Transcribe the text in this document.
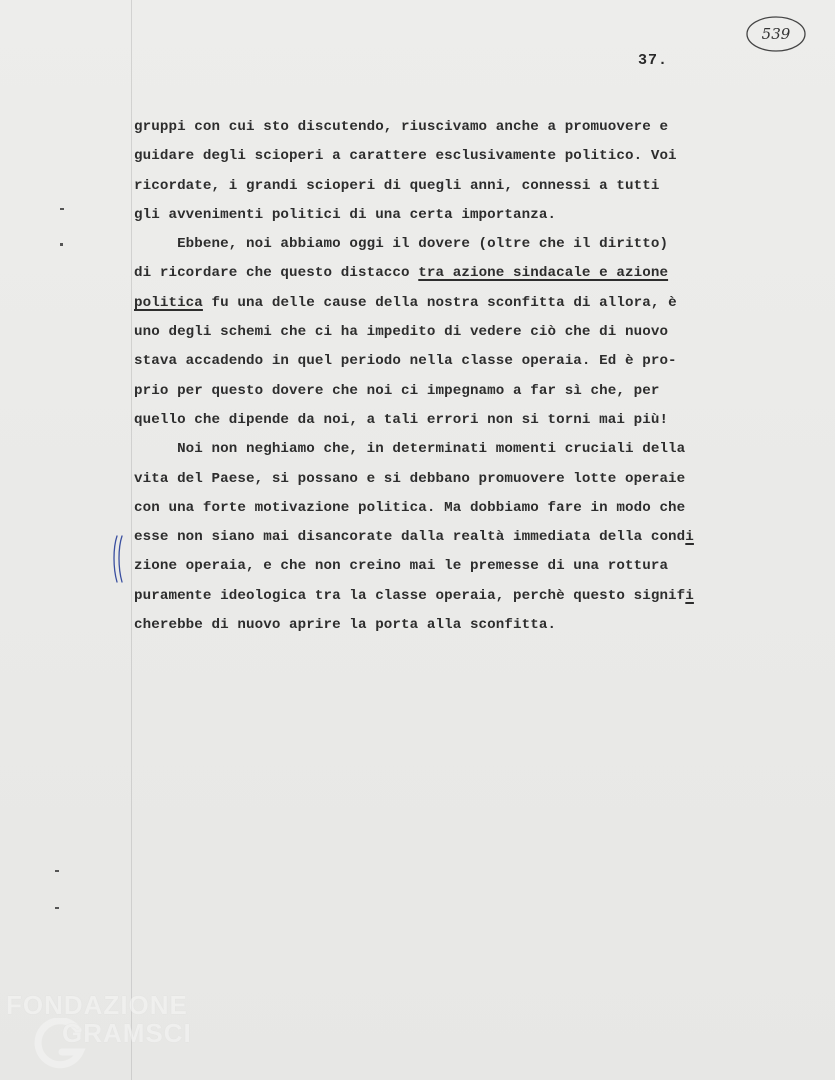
539
37.
gruppi con cui sto discutendo, riuscivamo anche a promuovere e
guidare degli scioperi a carattere esclusivamente politico. Voi
ricordate, i grandi scioperi di quegli anni, connessi a tutti
gli avvenimenti politici di una certa importanza.
Ebbene, noi abbiamo oggi il dovere (oltre che il diritto)
di ricordare che questo distacco tra azione sindacale e azione
politica fu una delle cause della nostra sconfitta di allora, è
uno degli schemi che ci ha impedito di vedere ciò che di nuovo
stava accadendo in quel periodo nella classe operaia. Ed è pro-
prio per questo dovere che noi ci impegnamo a far sì che, per
quello che dipende da noi, a tali errori non si torni mai più!
Noi non neghiamo che, in determinati momenti cruciali della
vita del Paese, si possano e si debbano promuovere lotte operaie
con una forte motivazione politica. Ma dobbiamo fare in modo che
esse non siano mai disancorate dalla realtà immediata della condi
zione operaia, e che non creino mai le premesse di una rottura
puramente ideologica tra la classe operaia, perchè questo signifi
cherebbe di nuovo aprire la porta alla sconfitta.
FONDAZIONE
GRAMSCI
